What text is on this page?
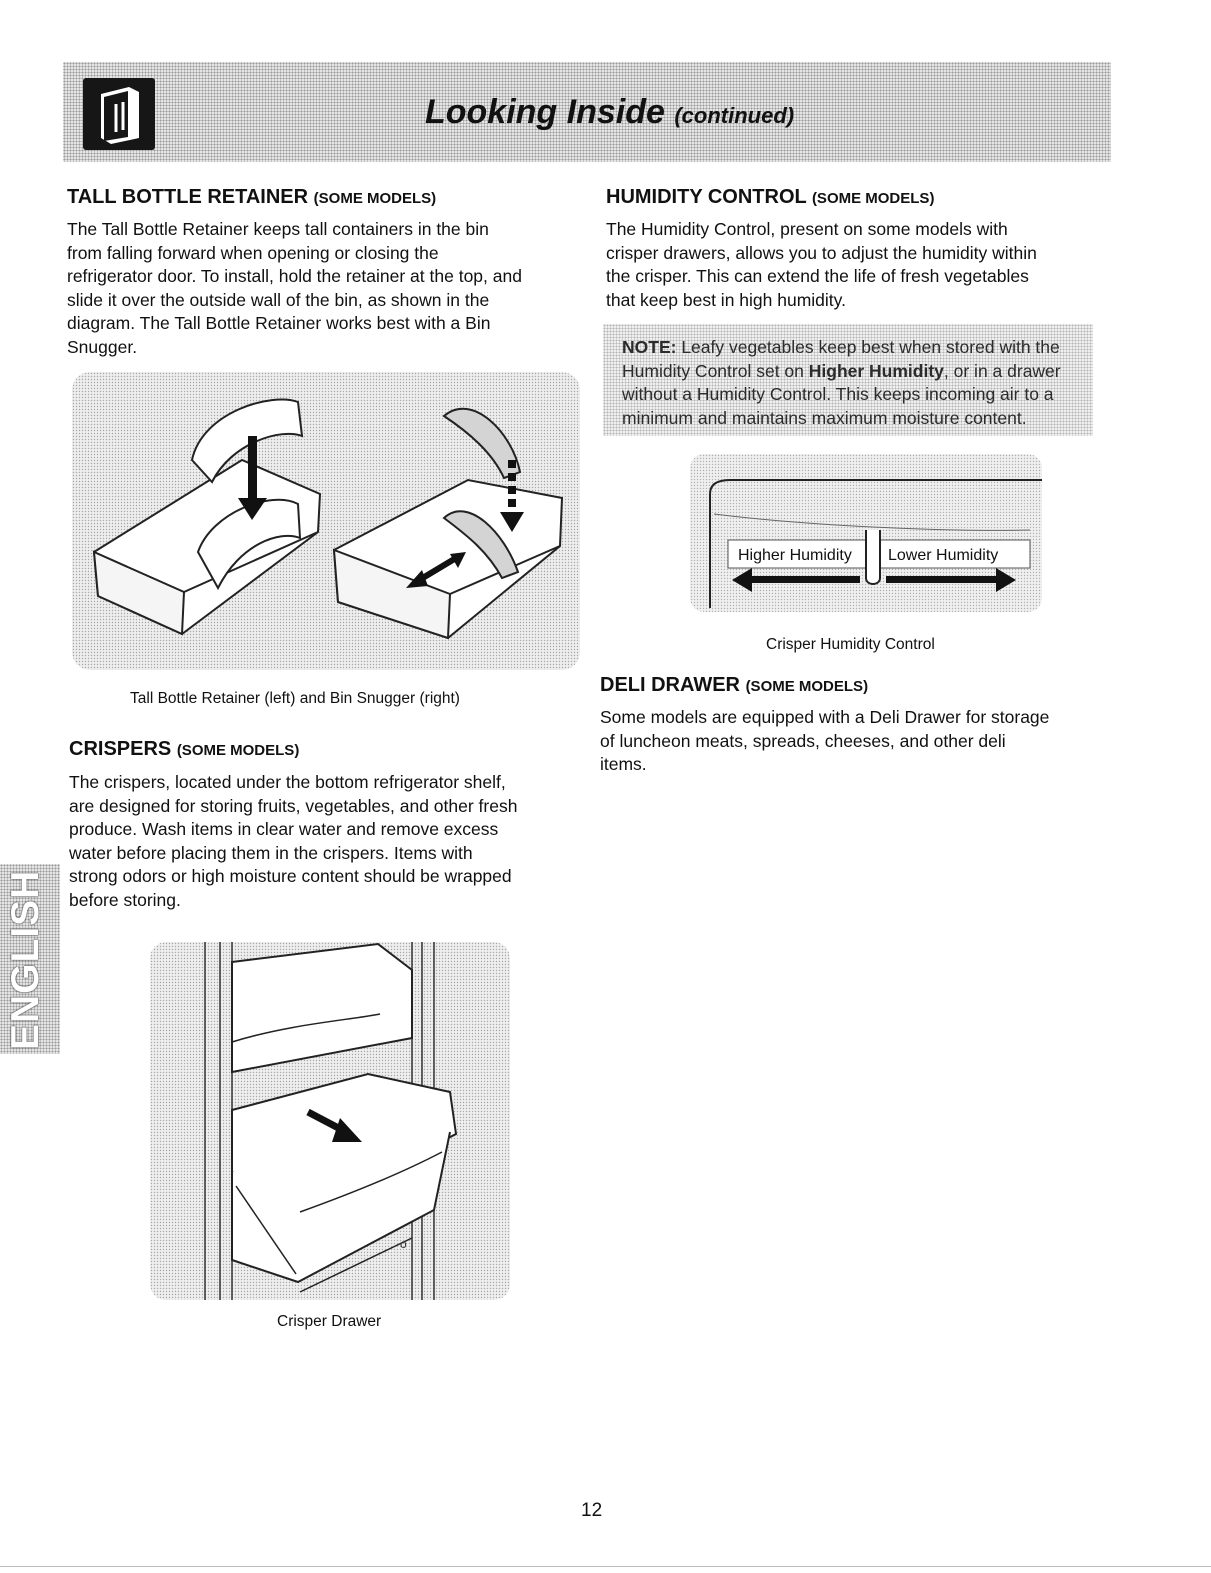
Looking Inside (continued)
TALL BOTTLE RETAINER (SOME MODELS)
The Tall Bottle Retainer keeps tall containers in the bin
from falling forward when opening or closing the
refrigerator door. To install, hold the retainer at the top, and
slide it over the outside wall of the bin, as shown in the
diagram. The Tall Bottle Retainer works best with a Bin
Snugger.
Tall Bottle Retainer (left) and Bin Snugger (right)
CRISPERS (SOME MODELS)
The crispers, located under the bottom refrigerator shelf,
are designed for storing fruits, vegetables, and other fresh
produce. Wash items in clear water and remove excess
water before placing them in the crispers. Items with
strong odors or high moisture content should be wrapped
before storing.
ENGLISH
o
Crisper Drawer
HUMIDITY CONTROL (SOME MODELS)
The Humidity Control, present on some models with
crisper drawers, allows you to adjust the humidity within
the crisper. This can extend the life of fresh vegetables
that keep best in high humidity.
NOTE: Leafy vegetables keep best when stored with the Humidity Control set on Higher Humidity, or in a drawer without a Humidity Control. This keeps incoming air to a minimum and maintains maximum moisture content.
Higher Humidity Lower Humidity
Crisper Humidity Control
DELI DRAWER (SOME MODELS)
Some models are equipped with a Deli Drawer for storage
of luncheon meats, spreads, cheeses, and other deli
items.
12
